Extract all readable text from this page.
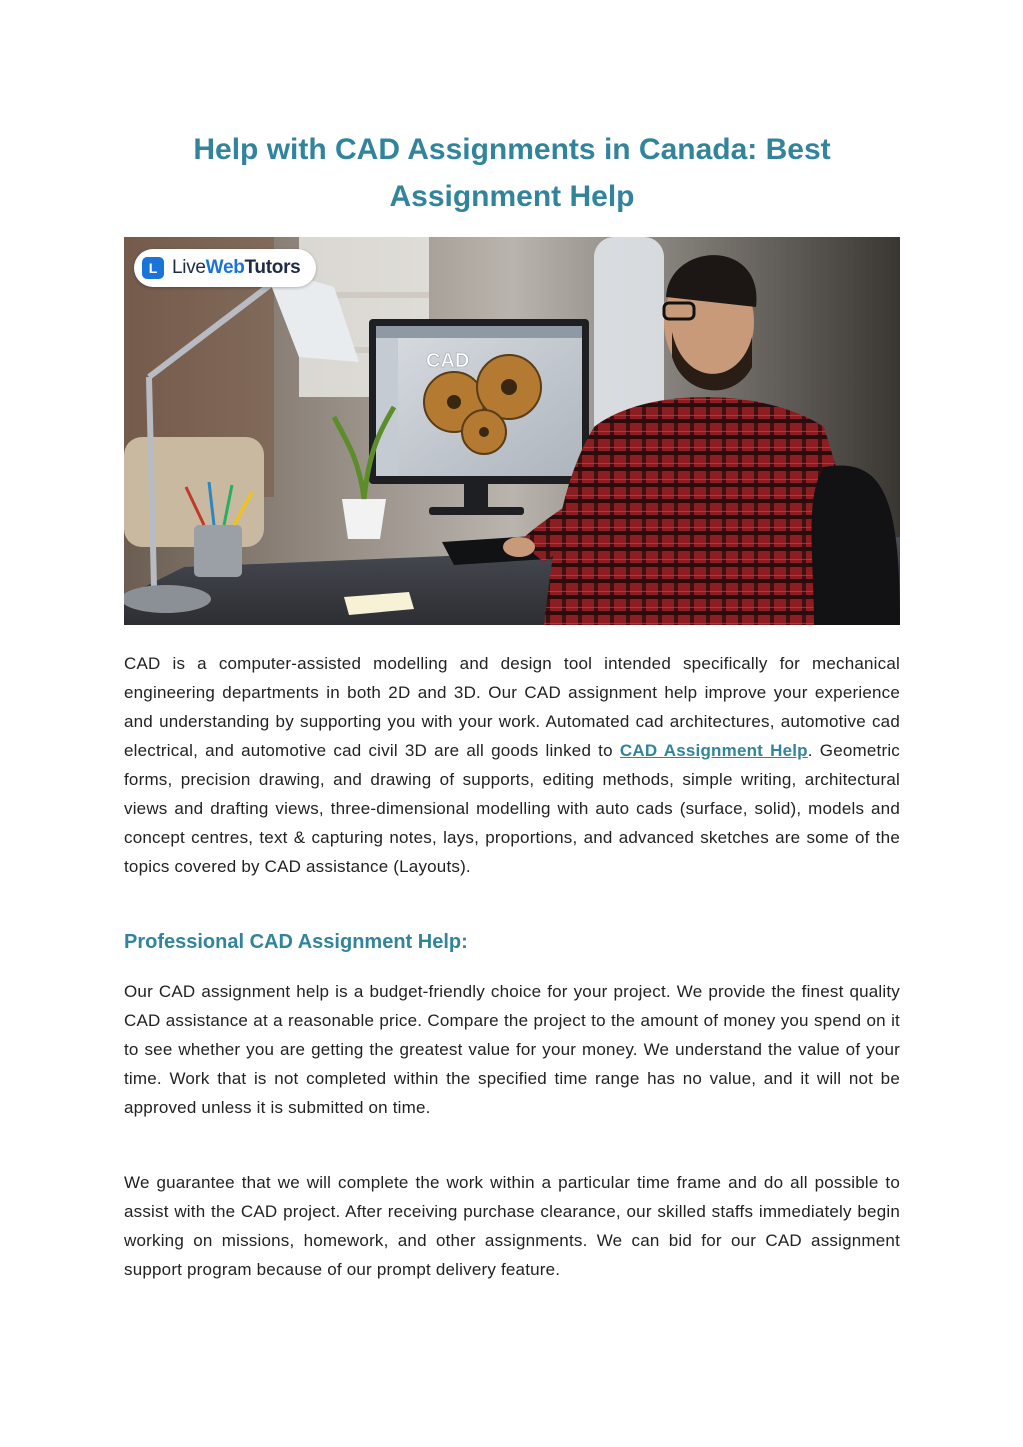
Help with CAD Assignments in Canada: Best Assignment Help
CAD
L LiveWebTutors

CAD is a computer-assisted modelling and design tool intended specifically for mechanical engineering departments in both 2D and 3D. Our CAD assignment help improve your experience and understanding by supporting you with your work. Automated cad architectures, automotive cad electrical, and automotive cad civil 3D are all goods linked to CAD Assignment Help. Geometric forms, precision drawing, and drawing of supports, editing methods, simple writing, architectural views and drafting views, three-dimensional modelling with auto cads (surface, solid), models and concept centres, text & capturing notes, lays, proportions, and advanced sketches are some of the topics covered by CAD assistance (Layouts).

Professional CAD Assignment Help:

Our CAD assignment help is a budget-friendly choice for your project. We provide the finest quality CAD assistance at a reasonable price. Compare the project to the amount of money you spend on it to see whether you are getting the greatest value for your money. We understand the value of your time. Work that is not completed within the specified time range has no value, and it will not be approved unless it is submitted on time.

We guarantee that we will complete the work within a particular time frame and do all possible to assist with the CAD project. After receiving purchase clearance, our skilled staffs immediately begin working on missions, homework, and other assignments. We can bid for our CAD assignment support program because of our prompt delivery feature.
